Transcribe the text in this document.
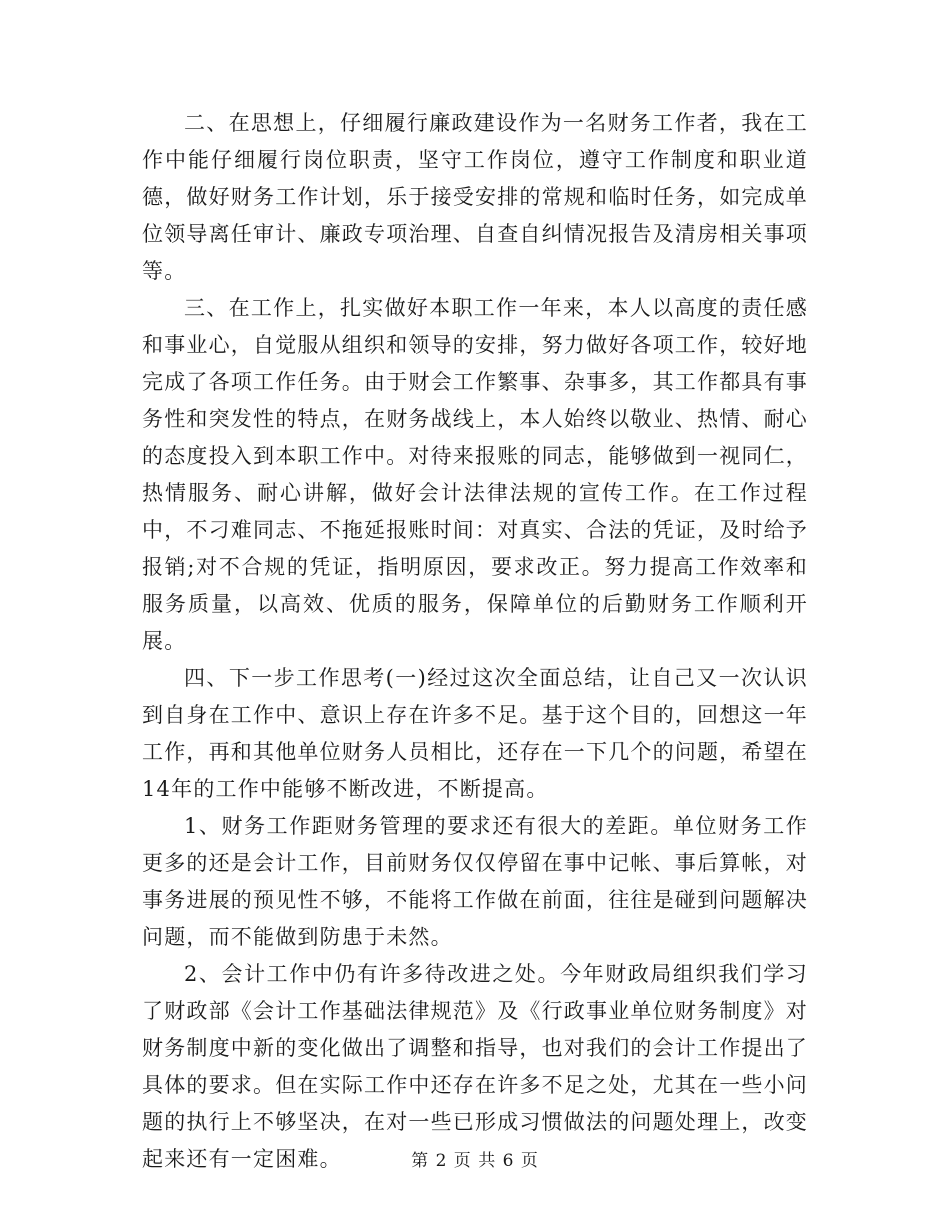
二、在思想上，仔细履行廉政建设作为一名财务工作者，我在工作中能仔细履行岗位职责，坚守工作岗位，遵守工作制度和职业道德，做好财务工作计划，乐于接受安排的常规和临时任务，如完成单位领导离任审计、廉政专项治理、自查自纠情况报告及清房相关事项等。

三、在工作上，扎实做好本职工作一年来，本人以高度的责任感和事业心，自觉服从组织和领导的安排，努力做好各项工作，较好地完成了各项工作任务。由于财会工作繁事、杂事多，其工作都具有事务性和突发性的特点，在财务战线上，本人始终以敬业、热情、耐心的态度投入到本职工作中。对待来报账的同志，能够做到一视同仁，热情服务、耐心讲解，做好会计法律法规的宣传工作。在工作过程中，不刁难同志、不拖延报账时间：对真实、合法的凭证，及时给予报销;对不合规的凭证，指明原因，要求改正。努力提高工作效率和服务质量，以高效、优质的服务，保障单位的后勤财务工作顺利开展。

四、下一步工作思考(一)经过这次全面总结，让自己又一次认识到自身在工作中、意识上存在许多不足。基于这个目的，回想这一年工作，再和其他单位财务人员相比，还存在一下几个的问题，希望在14年的工作中能够不断改进，不断提高。

1、财务工作距财务管理的要求还有很大的差距。单位财务工作更多的还是会计工作，目前财务仅仅停留在事中记帐、事后算帐，对事务进展的预见性不够，不能将工作做在前面，往往是碰到问题解决问题，而不能做到防患于未然。

2、会计工作中仍有许多待改进之处。今年财政局组织我们学习了财政部《会计工作基础法律规范》及《行政事业单位财务制度》对财务制度中新的变化做出了调整和指导，也对我们的会计工作提出了具体的要求。但在实际工作中还存在许多不足之处，尤其在一些小问题的执行上不够坚决，在对一些已形成习惯做法的问题处理上，改变起来还有一定困难。	第 2 页 共 6 页
